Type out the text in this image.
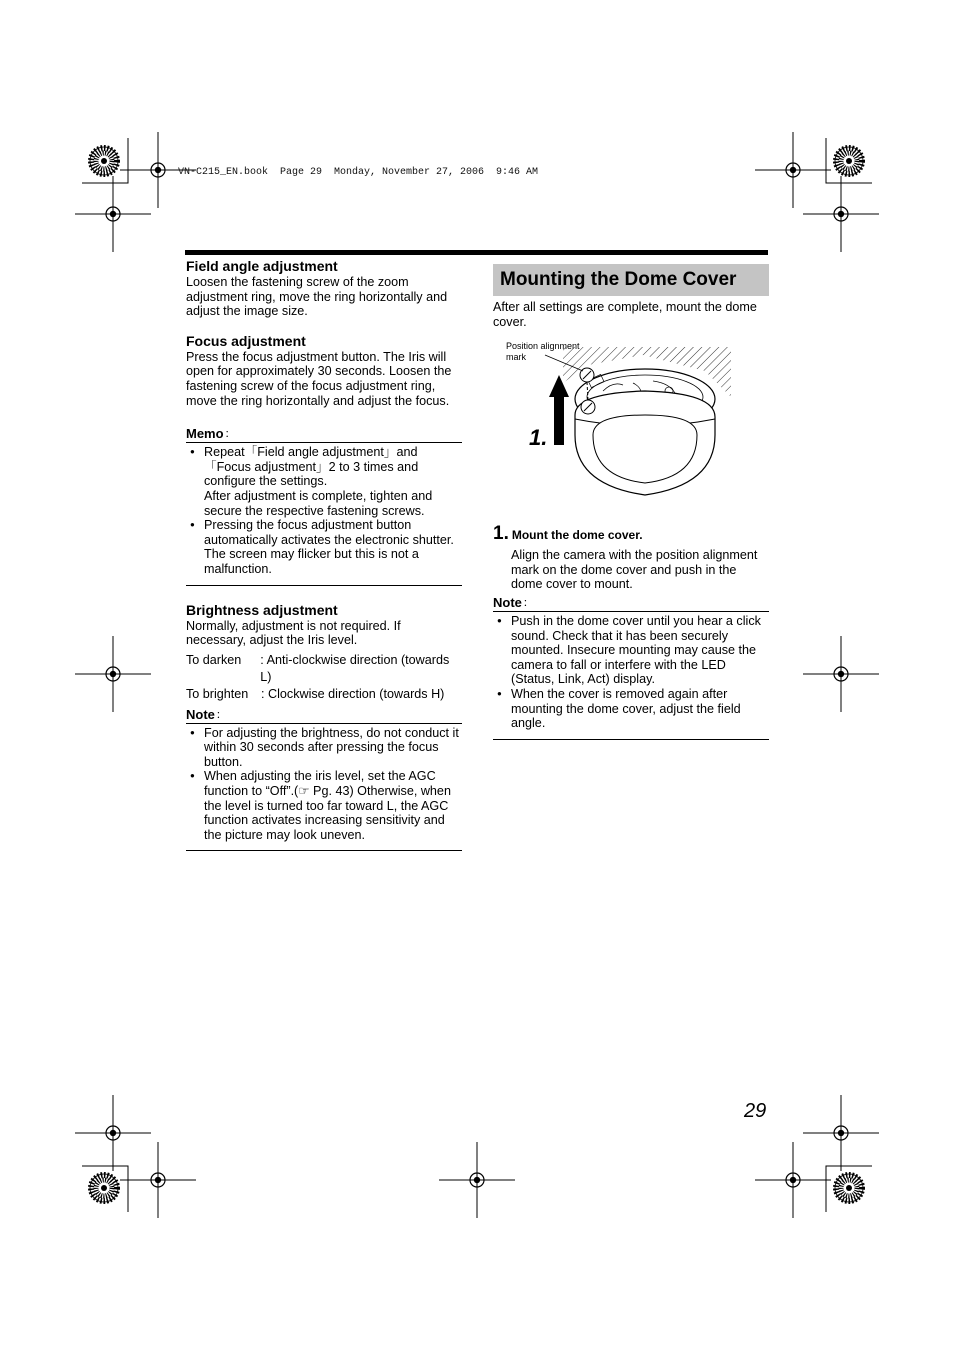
VN-C215_EN.book  Page 29  Monday, November 27, 2006  9:46 AM
Field angle adjustment

Loosen the fastening screw of the zoom adjustment ring, move the ring horizontally and adjust the image size.

Focus adjustment

Press the focus adjustment button. The Iris will open for approximately 30 seconds. Loosen the fastening screw of the focus adjustment ring, move the ring horizontally and adjust the focus.

Memo ：
● Repeat「Field angle adjustment」and「Focus adjustment」2 to 3 times and configure the settings.
After adjustment is complete, tighten and secure the respective fastening screws.
● Pressing the focus adjustment button automatically activates the electronic shutter. The screen may flicker but this is not a malfunction.
Brightness adjustment

Normally, adjustment is not required. If necessary, adjust the Iris level.

To darken	: Anti-clockwise direction (towards L)
To brighten	: Clockwise direction (towards H)
Note ：
● For adjusting the brightness, do not conduct it within 30 seconds after pressing the focus button.
● When adjusting the iris level, set the AGC function to “Off”.(☞ Pg. 43) Otherwise, when the level is turned too far toward L, the AGC function activates increasing sensitivity and the picture may look uneven.
Mounting the Dome Cover

After all settings are complete, mount the dome cover.

Position alignment
mark
1.
1. Mount the dome cover.

Align the camera with the position alignment mark on the dome cover and push in the dome cover to mount.

Note ：
● Push in the dome cover until you hear a click sound. Check that it has been securely mounted. Insecure mounting may cause the camera to fall or interfere with the LED (Status, Link, Act) display.
● When the cover is removed again after mounting the dome cover, adjust the field angle.
29
